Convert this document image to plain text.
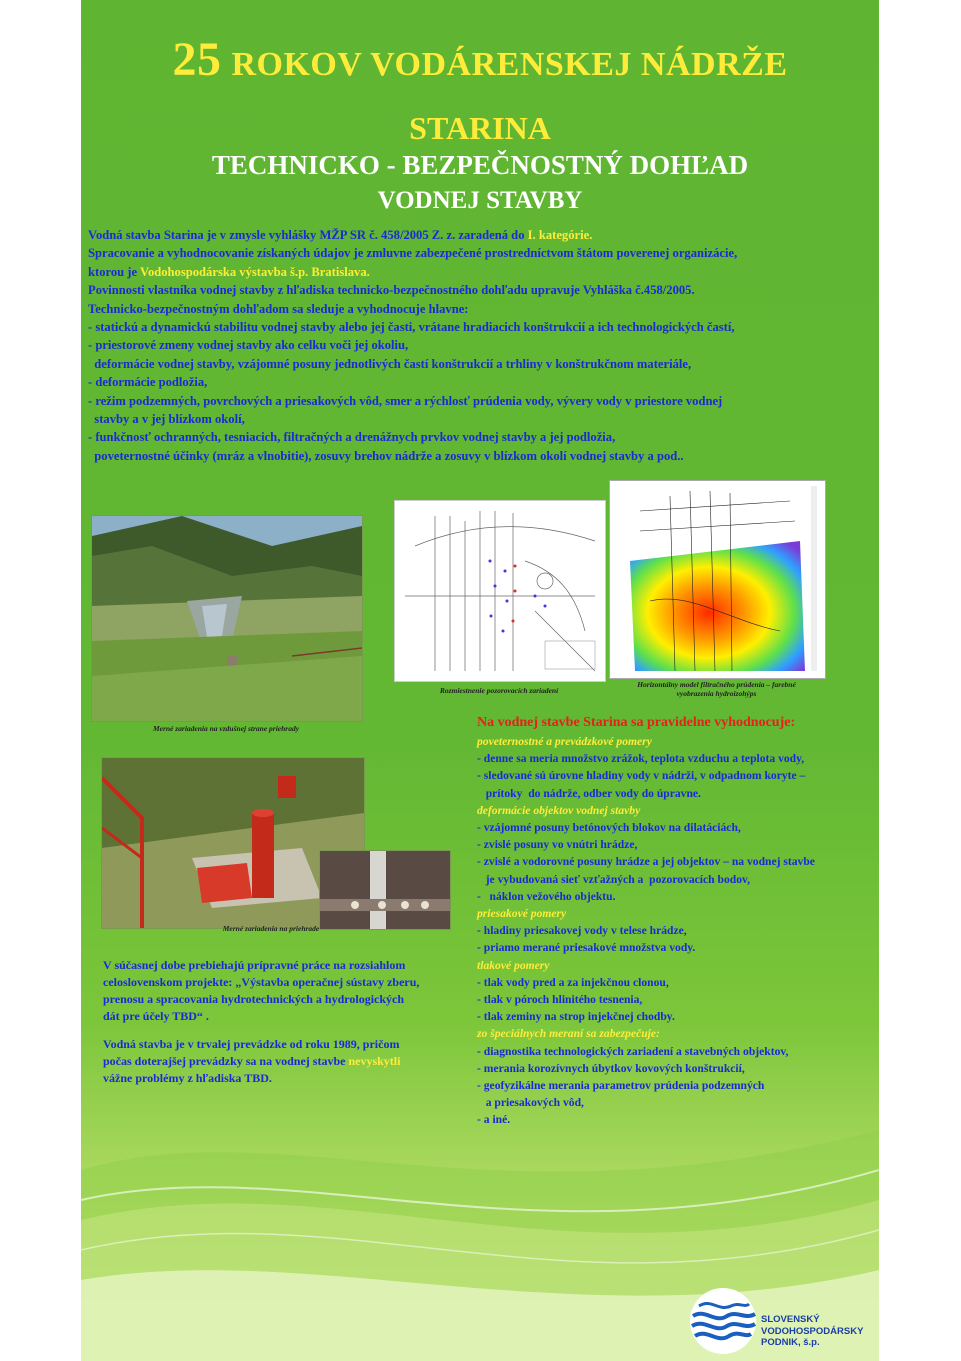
25 ROKOV VODÁRENSKEJ NÁDRŽE
STARINA
TECHNICKO - BEZPEČNOSTNÝ DOHĽAD
VODNEJ STAVBY

Vodná stavba Starina je v zmysle vyhlášky MŽP SR č. 458/2005 Z. z. zaradená do I. kategórie.

Spracovanie a vyhodnocovanie získaných údajov je zmluvne zabezpečené prostredníctvom štátom poverenej organizácie,

ktorou je Vodohospodárska výstavba š.p. Bratislava.

Povinnosti vlastníka vodnej stavby z hľadiska technicko-bezpečnostného dohľadu upravuje Vyhláška č.458/2005.

Technicko-bezpečnostným dohľadom sa sleduje a vyhodnocuje hlavne:

- statickú a dynamickú stabilitu vodnej stavby alebo jej časti, vrátane hradiacich konštrukcií a ich technologických častí,

- priestorové zmeny vodnej stavby ako celku voči jej okoliu,

deformácie vodnej stavby, vzájomné posuny jednotlivých častí konštrukcií a trhliny v konštrukčnom materiále,

- deformácie podložia,

- režim podzemných, povrchových a priesakových vôd, smer a rýchlosť prúdenia vody, vývery vody v priestore vodnej

stavby a v jej blízkom okolí,

- funkčnosť ochranných, tesniacich, filtračných a drenážnych prvkov vodnej stavby a jej podložia,

poveternostné účinky (mráz a vlnobitie), zosuvy brehov nádrže a zosuvy v blízkom okolí vodnej stavby a pod..

Merné zariadenia na vzdušnej strane priehrady
Rozmiestnenie pozorovacích zariadení
Horizontálny model filtračného prúdenia – farebné
vyobrazenia hydroizohýps
Merné zariadenia na priehrade

Na vodnej stavbe Starina sa pravidelne vyhodnocuje:

poveternostné a prevádzkové pomery

- denne sa meria množstvo zrážok, teplota vzduchu a teplota vody,

- sledované sú úrovne hladiny vody v nádrži, v odpadnom koryte –

prítoky  do nádrže, odber vody do úpravne.

deformácie objektov vodnej stavby

- vzájomné posuny betónových blokov na dilatáciách,

- zvislé posuny vo vnútri hrádze,

- zvislé a vodorovné posuny hrádze a jej objektov – na vodnej stavbe

je vybudovaná sieť vzťažných a  pozorovacích bodov,

-   náklon vežového objektu.

priesakové pomery

- hladiny priesakovej vody v telese hrádze,

- priamo merané priesakové množstva vody.

tlakové pomery

- tlak vody pred a za injekčnou clonou,

- tlak v póroch hlinitého tesnenia,

- tlak zeminy na strop injekčnej chodby.

zo špeciálnych meraní sa zabezpečuje:

- diagnostika technologických zariadení a stavebných objektov,

- merania korozívnych úbytkov kovových konštrukcií,

- geofyzikálne merania parametrov prúdenia podzemných

a priesakových vôd,

- a iné.

V súčasnej dobe prebiehajú prípravné práce na rozsiahlom

celoslovenskom projekte: „Výstavba operačnej sústavy zberu,

prenosu a spracovania hydrotechnických a hydrologických

dát pre účely TBD“ .

Vodná stavba je v trvalej prevádzke od roku 1989, pričom

počas doterajšej prevádzky sa na vodnej stavbe nevyskytli

vážne problémy z hľadiska TBD.

SLOVENSKÝ
VODOHOSPODÁRSKY
PODNIK, š.p.
